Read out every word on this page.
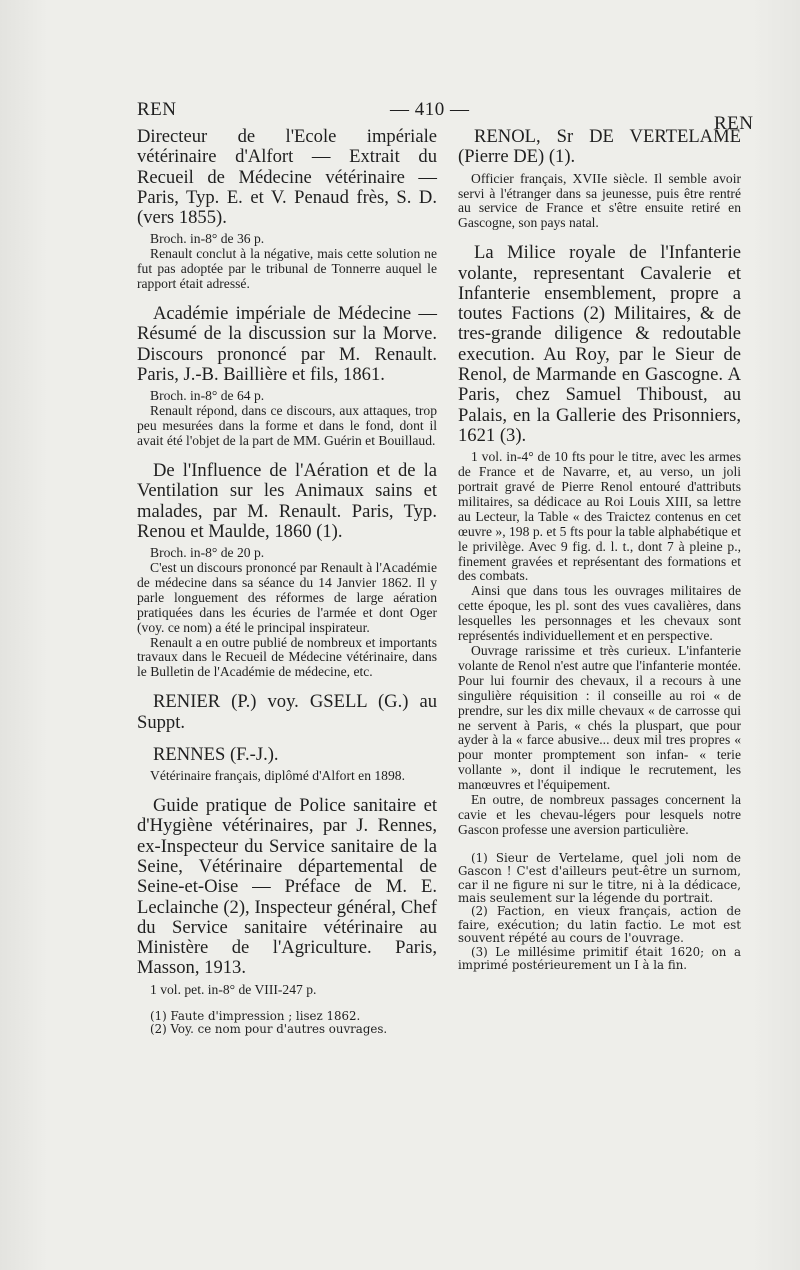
REN	— 410 —
REN

Directeur de l'Ecole impériale vétérinaire d'Alfort — Extrait du Recueil de Médecine vétérinaire — Paris, Typ. E. et V. Penaud frès, S. D. (vers 1855).

Broch. in-8° de 36 p.

Renault conclut à la négative, mais cette solution ne fut pas adoptée par le tribunal de Tonnerre auquel le rapport était adressé.

Académie impériale de Médecine — Résumé de la discussion sur la Morve. Discours prononcé par M. Renault. Paris, J.-B. Baillière et fils, 1861.

Broch. in-8° de 64 p.

Renault répond, dans ce discours, aux attaques, trop peu mesurées dans la forme et dans le fond, dont il avait été l'objet de la part de MM. Guérin et Bouillaud.

De l'Influence de l'Aération et de la Ventilation sur les Animaux sains et malades, par M. Renault. Paris, Typ. Renou et Maulde, 1860 (1).

Broch. in-8° de 20 p.

C'est un discours prononcé par Renault à l'Académie de médecine dans sa séance du 14 Janvier 1862. Il y parle longuement des réformes de large aération pratiquées dans les écuries de l'armée et dont Oger (voy. ce nom) a été le principal inspirateur.

Renault a en outre publié de nombreux et importants travaux dans le Recueil de Médecine vétérinaire, dans le Bulletin de l'Académie de médecine, etc.

RENIER (P.) voy. GSELL (G.) au Suppt.

RENNES (F.-J.).

Vétérinaire français, diplômé d'Alfort en 1898.

Guide pratique de Police sanitaire et d'Hygiène vétérinaires, par J. Rennes, ex-Inspecteur du Service sanitaire de la Seine, Vétérinaire départemental de Seine-et-Oise — Préface de M. E. Leclainche (2), Inspecteur général, Chef du Service sanitaire vétérinaire au Ministère de l'Agriculture. Paris, Masson, 1913.

1 vol. pet. in-8° de VIII-247 p.

(1) Faute d'impression ; lisez 1862.

(2) Voy. ce nom pour d'autres ouvrages.

RENOL, Sr DE VERTELAME (Pierre DE) (1).

Officier français, XVIIe siècle. Il semble avoir servi à l'étranger dans sa jeunesse, puis être rentré au service de France et s'être ensuite retiré en Gascogne, son pays natal.

La Milice royale de l'Infanterie volante, representant Cavalerie et Infanterie ensemblement, propre a toutes Factions (2) Militaires, & de tres-grande diligence & redoutable execution. Au Roy, par le Sieur de Renol, de Marmande en Gascogne. A Paris, chez Samuel Thiboust, au Palais, en la Gallerie des Prisonniers, 1621 (3).

1 vol. in-4° de 10 fts pour le titre, avec les armes de France et de Navarre, et, au verso, un joli portrait gravé de Pierre Renol entouré d'attributs militaires, sa dédicace au Roi Louis XIII, sa lettre au Lecteur, la Table « des Traictez contenus en cet œuvre », 198 p. et 5 fts pour la table alphabétique et le privilège. Avec 9 fig. d. l. t., dont 7 à pleine p., finement gravées et représentant des formations et des combats.

Ainsi que dans tous les ouvrages militaires de cette époque, les pl. sont des vues cavalières, dans lesquelles les personnages et les chevaux sont représentés individuellement et en perspective.

Ouvrage rarissime et très curieux. L'infanterie volante de Renol n'est autre que l'infanterie montée. Pour lui fournir des chevaux, il a recours à une singulière réquisition : il conseille au roi « de prendre, sur les dix mille chevaux « de carrosse qui ne servent à Paris, « chés la pluspart, que pour ayder à la « farce abusive... deux mil tres propres « pour monter promptement son infan- « terie vollante », dont il indique le recrutement, les manœuvres et l'équipement.

En outre, de nombreux passages concernent la cavie et les chevau-légers pour lesquels notre Gascon professe une aversion particulière.

(1) Sieur de Vertelame, quel joli nom de Gascon ! C'est d'ailleurs peut-être un surnom, car il ne figure ni sur le titre, ni à la dédicace, mais seulement sur la légende du portrait.

(2) Faction, en vieux français, action de faire, exécution; du latin factio. Le mot est souvent répété au cours de l'ouvrage.

(3) Le millésime primitif était 1620; on a imprimé postérieurement un I à la fin.
